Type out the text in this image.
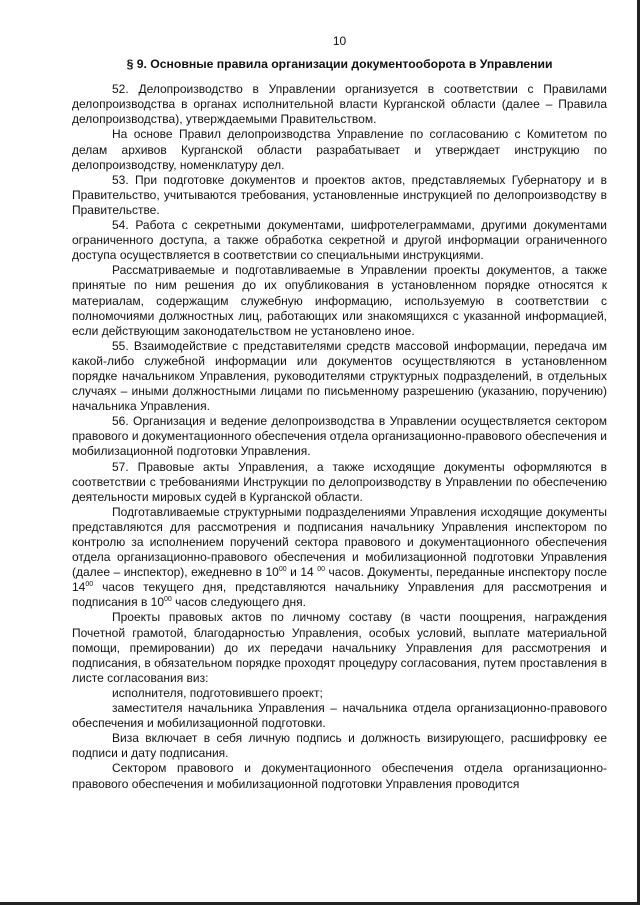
10
§ 9. Основные правила организации документооборота в Управлении

52. Делопроизводство в Управлении организуется в соответствии с Правилами делопроизводства в органах исполнительной власти Курганской области (далее – Правила делопроизводства), утверждаемыми Правительством.

На основе Правил делопроизводства Управление по согласованию с Комитетом по делам архивов Курганской области разрабатывает и утверждает инструкцию по делопроизводству, номенклатуру дел.

53. При подготовке документов и проектов актов, представляемых Губернатору и в Правительство, учитываются требования, установленные инструкцией по делопроизводству в Правительстве.

54. Работа с секретными документами, шифротелеграммами, другими документами ограниченного доступа, а также обработка секретной и другой информации ограниченного доступа осуществляется в соответствии со специальными инструкциями.

Рассматриваемые и подготавливаемые в Управлении проекты документов, а также принятые по ним решения до их опубликования в установленном порядке относятся к материалам, содержащим служебную информацию, используемую в соответствии с полномочиями должностных лиц, работающих или знакомящихся с указанной информацией, если действующим законодательством не установлено иное.

55. Взаимодействие с представителями средств массовой информации, передача им какой-либо служебной информации или документов осуществляются в установленном порядке начальником Управления, руководителями структурных подразделений, в отдельных случаях – иными должностными лицами по письменному разрешению (указанию, поручению) начальника Управления.

56. Организация и ведение делопроизводства в Управлении осуществляется сектором правового и документационного обеспечения отдела организационно-правового обеспечения и мобилизационной подготовки Управления.

57. Правовые акты Управления, а также исходящие документы оформляются в соответствии с требованиями Инструкции по делопроизводству в Управлении по обеспечению деятельности мировых судей в Курганской области.

Подготавливаемые структурными подразделениями Управления исходящие документы представляются для рассмотрения и подписания начальнику Управления инспектором по контролю за исполнением поручений сектора правового и документационного обеспечения отдела организационно-правового обеспечения и мобилизационной подготовки Управления (далее – инспектор), ежедневно в $10^{00}$ и 14 $^{00}$ часов. Документы, переданные инспектору после $14^{00}$ часов текущего дня, представляются начальнику Управления для рассмотрения и подписания в $10^{00}$ часов следующего дня.

Проекты правовых актов по личному составу (в части поощрения, награждения Почетной грамотой, благодарностью Управления, особых условий, выплате материальной помощи, премировании) до их передачи начальнику Управления для рассмотрения и подписания, в обязательном порядке проходят процедуру согласования, путем проставления в листе согласования виз:

исполнителя, подготовившего проект;

заместителя начальника Управления – начальника отдела организационно-правового обеспечения и мобилизационной подготовки.

Виза включает в себя личную подпись и должность визирующего, расшифровку ее подписи и дату подписания.

Сектором правового и документационного обеспечения отдела организационно-правового обеспечения и мобилизационной подготовки Управления проводится
